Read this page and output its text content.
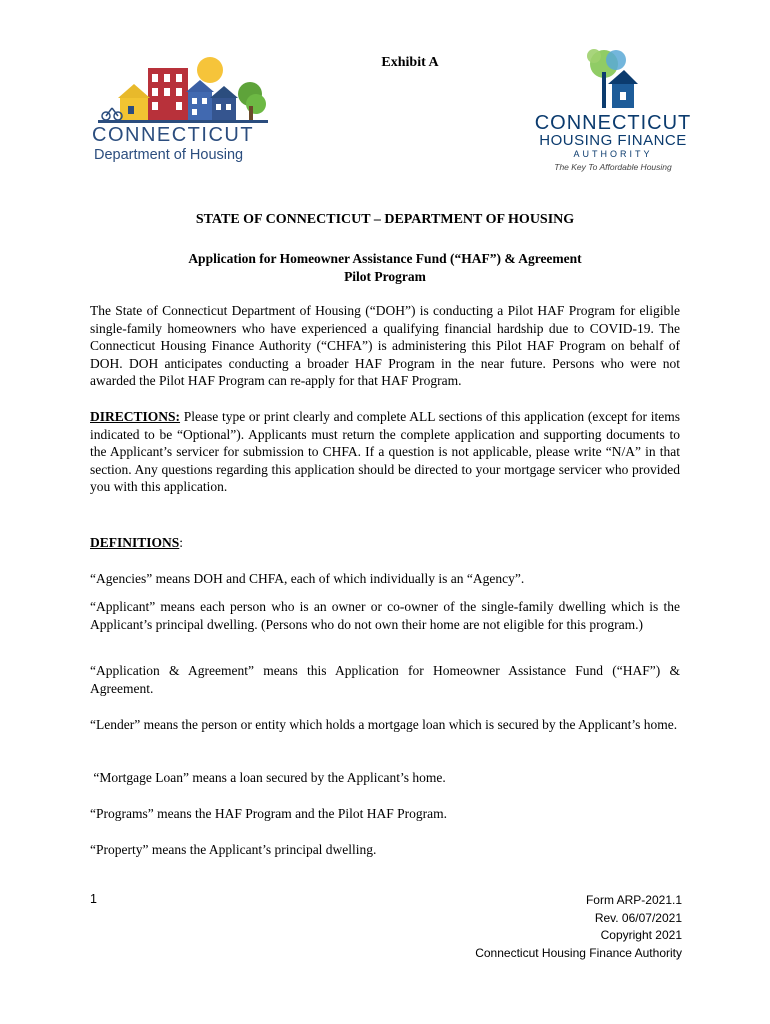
Exhibit A
CONNECTICUT
Department of Housing
CONNECTICUT
HOUSING FINANCE
AUTHORITY
The Key To Affordable Housing
STATE OF CONNECTICUT – DEPARTMENT OF HOUSING
Application for Homeowner Assistance Fund (“HAF”) & Agreement
Pilot Program
The State of Connecticut Department of Housing (“DOH”) is conducting a Pilot HAF Program for eligible single-family homeowners who have experienced a qualifying financial hardship due to COVID-19. The Connecticut Housing Finance Authority (“CHFA”) is administering this Pilot HAF Program on behalf of DOH. DOH anticipates conducting a broader HAF Program in the near future. Persons who were not awarded the Pilot HAF Program can re-apply for that HAF Program.
DIRECTIONS: Please type or print clearly and complete ALL sections of this application (except for items indicated to be “Optional”). Applicants must return the complete application and supporting documents to the Applicant’s servicer for submission to CHFA. If a question is not applicable, please write “N/A” in that section. Any questions regarding this application should be directed to your mortgage servicer who provided you with this application.
DEFINITIONS:
“Agencies” means DOH and CHFA, each of which individually is an “Agency”.
“Applicant” means each person who is an owner or co-owner of the single-family dwelling which is the Applicant’s principal dwelling. (Persons who do not own their home are not eligible for this program.)
“Application & Agreement” means this Application for Homeowner Assistance Fund (“HAF”) & Agreement.
“Lender” means the person or entity which holds a mortgage loan which is secured by the Applicant’s home.
“Mortgage Loan” means a loan secured by the Applicant’s home.
“Programs” means the HAF Program and the Pilot HAF Program.
“Property” means the Applicant’s principal dwelling.
1	Form ARP-2021.1
Rev. 06/07/2021
Copyright 2021
Connecticut Housing Finance Authority
